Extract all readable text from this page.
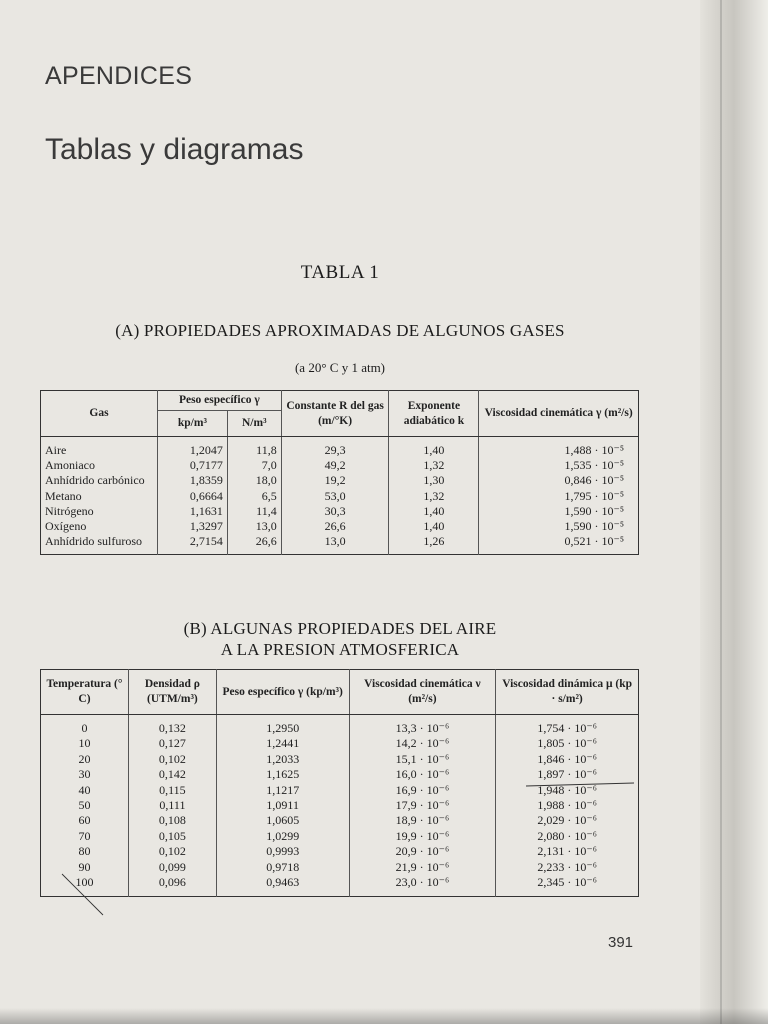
APENDICES
Tablas y diagramas
TABLA 1
(A) PROPIEDADES APROXIMADAS DE ALGUNOS GASES
(a 20° C y 1 atm)
Gas	Peso específico γ		Constante R del gas (m/°K)	Exponente adiabático k	Viscosidad cinemática γ (m²/s)
	kp/m³	N/m³			
Aire	1,2047	11,8	29,3	1,40	1,488 · 10⁻⁵
Amoniaco	0,7177	7,0	49,2	1,32	1,535 · 10⁻⁵
Anhídrido carbónico	1,8359	18,0	19,2	1,30	0,846 · 10⁻⁵
Metano	0,6664	6,5	53,0	1,32	1,795 · 10⁻⁵
Nitrógeno	1,1631	11,4	30,3	1,40	1,590 · 10⁻⁵
Oxígeno	1,3297	13,0	26,6	1,40	1,590 · 10⁻⁵
Anhídrido sulfuroso	2,7154	26,6	13,0	1,26	0,521 · 10⁻⁵
(B) ALGUNAS PROPIEDADES DEL AIRE
A LA PRESION ATMOSFERICA
Temperatura (° C)	Densidad ρ (UTM/m³)	Peso específico γ (kp/m³)	Viscosidad cinemática ν (m²/s)	Viscosidad dinámica μ (kp · s/m²)
0	0,132	1,2950	13,3 · 10⁻⁶	1,754 · 10⁻⁶
10	0,127	1,2441	14,2 · 10⁻⁶	1,805 · 10⁻⁶
20	0,102	1,2033	15,1 · 10⁻⁶	1,846 · 10⁻⁶
30	0,142	1,1625	16,0 · 10⁻⁶	1,897 · 10⁻⁶
40	0,115	1,1217	16,9 · 10⁻⁶	1,948 · 10⁻⁶
50	0,111	1,0911	17,9 · 10⁻⁶	1,988 · 10⁻⁶
60	0,108	1,0605	18,9 · 10⁻⁶	2,029 · 10⁻⁶
70	0,105	1,0299	19,9 · 10⁻⁶	2,080 · 10⁻⁶
80	0,102	0,9993	20,9 · 10⁻⁶	2,131 · 10⁻⁶
90	0,099	0,9718	21,9 · 10⁻⁶	2,233 · 10⁻⁶
100	0,096	0,9463	23,0 · 10⁻⁶	2,345 · 10⁻⁶
391
